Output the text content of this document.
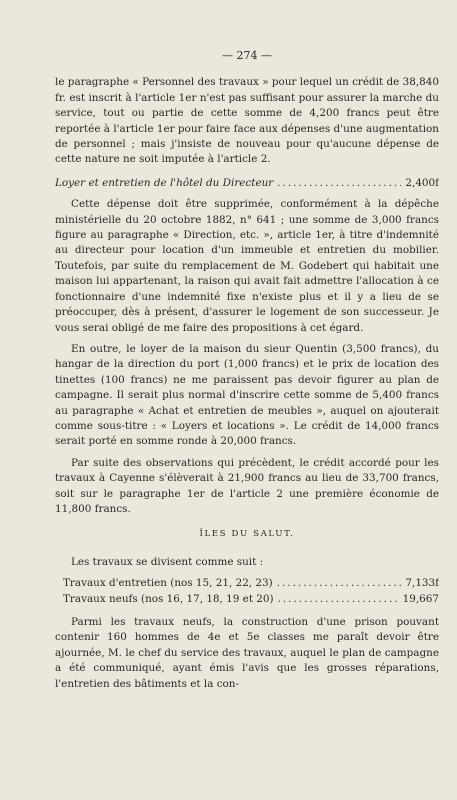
— 274 —

le paragraphe « Personnel des travaux » pour lequel un crédit de 38,840 fr. est inscrit à l'article 1er n'est pas suffisant pour assurer la marche du service, tout ou partie de cette somme de 4,200 francs peut être reportée à l'article 1er pour faire face aux dépenses d'une augmentation de personnel ; mais j'insiste de nouveau pour qu'aucune dépense de cette nature ne soit imputée à l'article 2.

Loyer et entretien de l'hôtel du Directeur .....	2,400f

Cette dépense doit être supprimée, conformément à la dépêche ministérielle du 20 octobre 1882, n° 641 ; une somme de 3,000 francs figure au paragraphe « Direction, etc. », article 1er, à titre d'indemnité au directeur pour location d'un immeuble et entretien du mobilier. Toutefois, par suite du remplacement de M. Godebert qui habitait une maison lui appartenant, la raison qui avait fait admettre l'allocation à ce fonctionnaire d'une indemnité fixe n'existe plus et il y a lieu de se préoccuper, dès à présent, d'assurer le logement de son successeur. Je vous serai obligé de me faire des propositions à cet égard.

En outre, le loyer de la maison du sieur Quentin (3,500 francs), du hangar de la direction du port (1,000 francs) et le prix de location des tinettes (100 francs) ne me paraissent pas devoir figurer au plan de campagne. Il serait plus normal d'inscrire cette somme de 5,400 francs au paragraphe « Achat et entretien de meubles », auquel on ajouterait comme sous-titre : « Loyers et locations ». Le crédit de 14,000 francs serait porté en somme ronde à 20,000 francs.

Par suite des observations qui précèdent, le crédit accordé pour les travaux à Cayenne s'élèverait à 21,900 francs au lieu de 33,700 francs, soit sur le paragraphe 1er de l'article 2 une première économie de 11,800 francs.

ÎLES DU SALUT.

Les travaux se divisent comme suit :

Travaux d'entretien (nos 15, 21, 22, 23) .....	7,133f
Travaux neufs (nos 16, 17, 18, 19 et 20) .....	19,667

Parmi les travaux neufs, la construction d'une prison pouvant contenir 160 hommes de 4e et 5e classes me paraît devoir être ajournée, M. le chef du service des travaux, auquel le plan de campagne a été communiqué, ayant émis l'avis que les grosses réparations, l'entretien des bâtiments et la con-
